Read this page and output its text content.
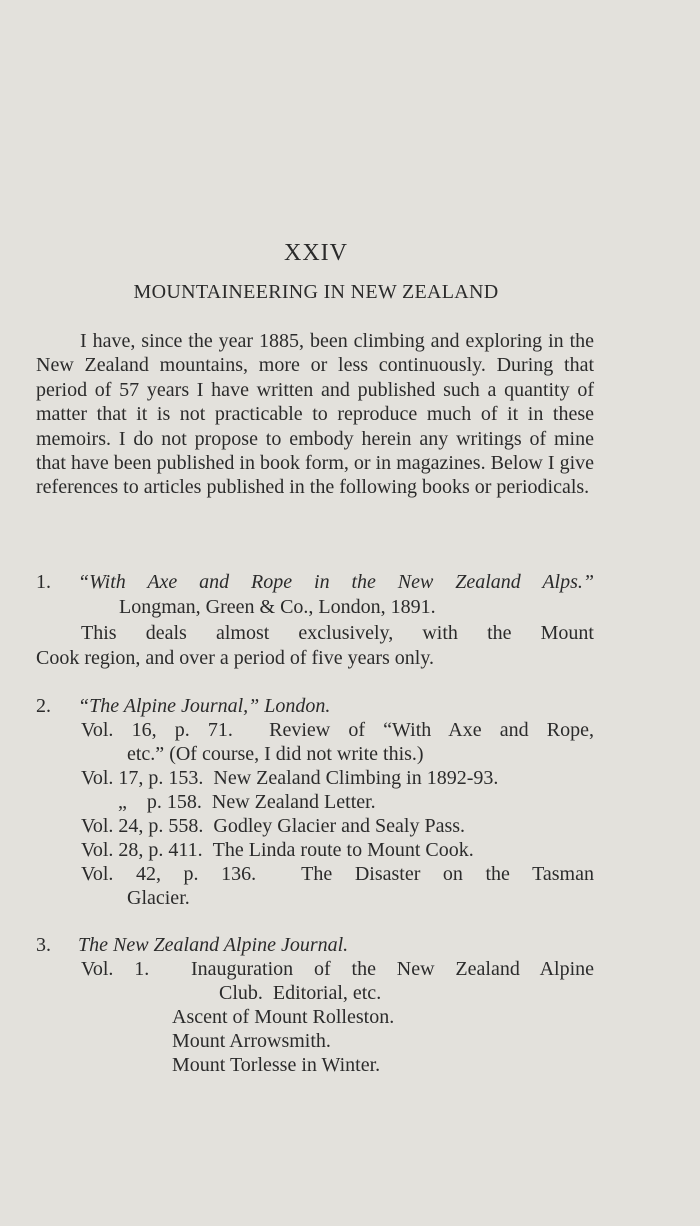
XXIV
MOUNTAINEERING IN NEW ZEALAND

I have, since the year 1885, been climbing and exploring in the New Zealand mountains, more or less continuously. During that period of 57 years I have written and published such a quantity of matter that it is not practicable to reproduce much of it in these memoirs. I do not propose to embody herein any writings of mine that have been published in book form, or in magazines. Below I give references to articles published in the following books or periodicals.

1. “With Axe and Rope in the New Zealand Alps.”
Longman, Green & Co., London, 1891.
This deals almost exclusively, with the Mount
Cook region, and over a period of five years only.
2. “The Alpine Journal,” London.
Vol. 16, p. 71.  Review of “With Axe and Rope,
etc.” (Of course, I did not write this.)
Vol. 17, p. 153.  New Zealand Climbing in 1892-93.
„    p. 158.  New Zealand Letter.
Vol. 24, p. 558.  Godley Glacier and Sealy Pass.
Vol. 28, p. 411.  The Linda route to Mount Cook.
Vol. 42, p. 136.  The Disaster on the Tasman
Glacier.
3. The New Zealand Alpine Journal.
Vol. 1.  Inauguration of the New Zealand Alpine
Club.  Editorial, etc.
Ascent of Mount Rolleston.
Mount Arrowsmith.
Mount Torlesse in Winter.
